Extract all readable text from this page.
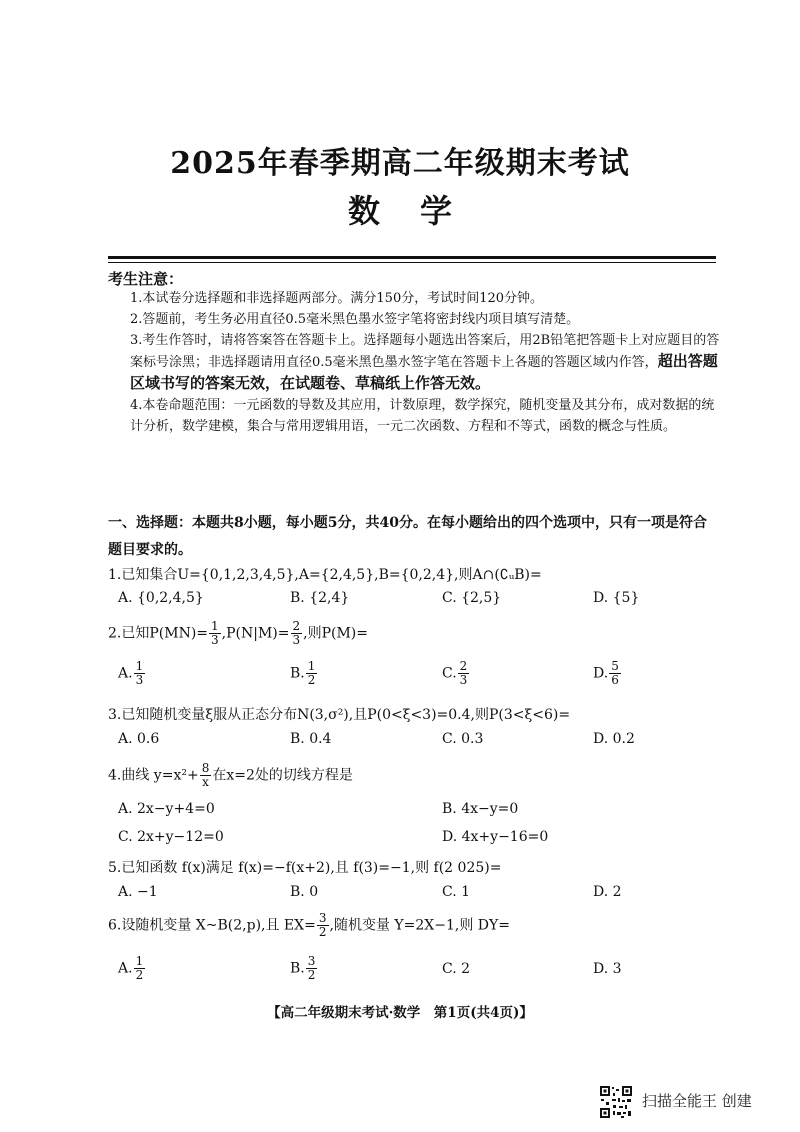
2025年春季期高二年级期末考试
数学
考生注意：
1.本试卷分选择题和非选择题两部分。满分150分，考试时间120分钟。
2.答题前，考生务必用直径0.5毫米黑色墨水签字笔将密封线内项目填写清楚。
3.考生作答时，请将答案答在答题卡上。选择题每小题选出答案后，用2B铅笔把答题卡上对应题目的答案标号涂黑；非选择题请用直径0.5毫米黑色墨水签字笔在答题卡上各题的答题区域内作答，超出答题区域书写的答案无效，在试题卷、草稿纸上作答无效。
4.本卷命题范围：一元函数的导数及其应用，计数原理，数学探究，随机变量及其分布，成对数据的统计分析，数学建模，集合与常用逻辑用语，一元二次函数、方程和不等式，函数的概念与性质。
一、选择题：本题共8小题，每小题5分，共40分。在每小题给出的四个选项中，只有一项是符合题目要求的。
1.已知集合U={0,1,2,3,4,5},A={2,4,5},B={0,2,4},则A∩(∁ᵤB)=
A. {0,2,4,5}	B. {2,4}	C. {2,5}	D. {5}
2.已知$P(MN)= \frac{1}{3} ,P(N|M)= \frac{2}{3}$ ,则P(M)=
A. $\frac{1}{3}$	B. $\frac{1}{2}$	C. $\frac{2}{3}$	D. $\frac{5}{6}$
3.已知随机变量ξ服从正态分布N(3,σ²),且P(0<ξ<3)=0.4,则P(3<ξ<6)=
A. 0.6	B. 0.4	C. 0.3	D. 0.2
4.曲线 $y=x^2+ \frac{8}{x}$ 在x=2处的切线方程是
A. 2x−y+4=0	B. 4x−y=0
C. 2x+y−12=0	D. 4x+y−16=0
5.已知函数 f(x)满足 f(x)=−f(x+2),且 f(3)=−1,则 f(2 025)=
A. −1	B. 0	C. 1	D. 2
6.设随机变量 X~B(2,p),且 $EX= \frac{3}{2}$ ,随机变量 Y=2X−1,则 DY=
A. $\frac{1}{2}$	B. $\frac{3}{2}$	C. 2	D. 3
【高二年级期末考试·数学　第1页(共4页)】
扫描全能王 创建
